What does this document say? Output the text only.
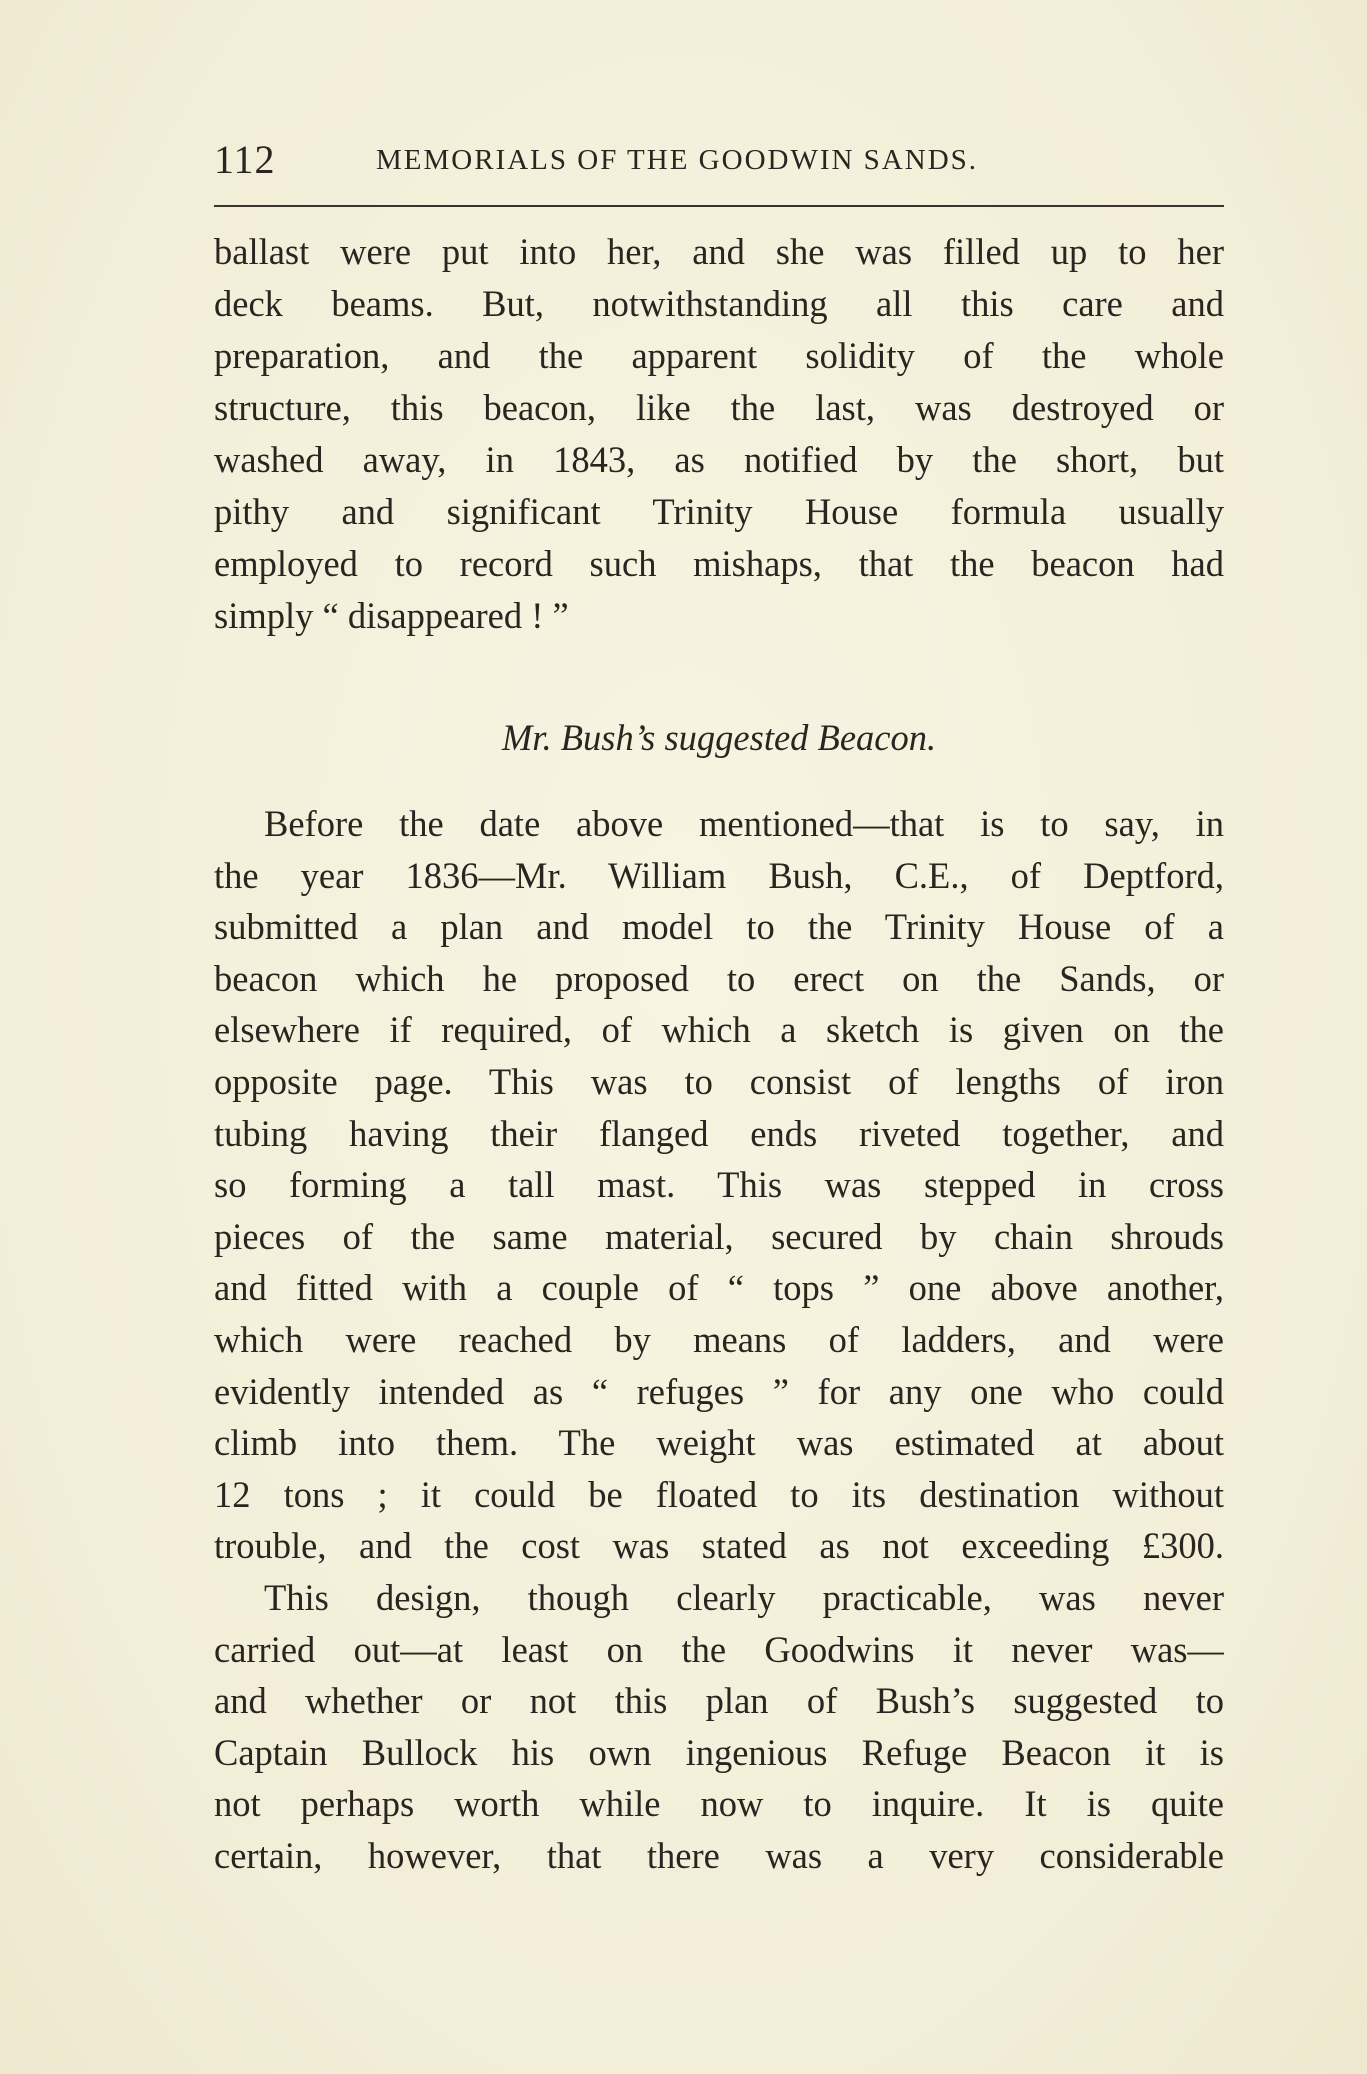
112	MEMORIALS OF THE GOODWIN SANDS.
ballast were put into her, and she was filled up to her
deck beams. But, notwithstanding all this care and
preparation, and the apparent solidity of the whole
structure, this beacon, like the last, was destroyed or
washed away, in 1843, as notified by the short, but
pithy and significant Trinity House formula usually
employed to record such mishaps, that the beacon had
simply “ disappeared ! ”
Mr. Bush’s suggested Beacon.
Before the date above mentioned—that is to say, in
the year 1836—Mr. William Bush, C.E., of Deptford,
submitted a plan and model to the Trinity House of a
beacon which he proposed to erect on the Sands, or
elsewhere if required, of which a sketch is given on the
opposite page. This was to consist of lengths of iron
tubing having their flanged ends riveted together, and
so forming a tall mast. This was stepped in cross
pieces of the same material, secured by chain shrouds
and fitted with a couple of “ tops ” one above another,
which were reached by means of ladders, and were
evidently intended as “ refuges ” for any one who could
climb into them. The weight was estimated at about
12 tons ; it could be floated to its destination without
trouble, and the cost was stated as not exceeding £300.
This design, though clearly practicable, was never
carried out—at least on the Goodwins it never was—
and whether or not this plan of Bush’s suggested to
Captain Bullock his own ingenious Refuge Beacon it is
not perhaps worth while now to inquire. It is quite
certain, however, that there was a very considerable
